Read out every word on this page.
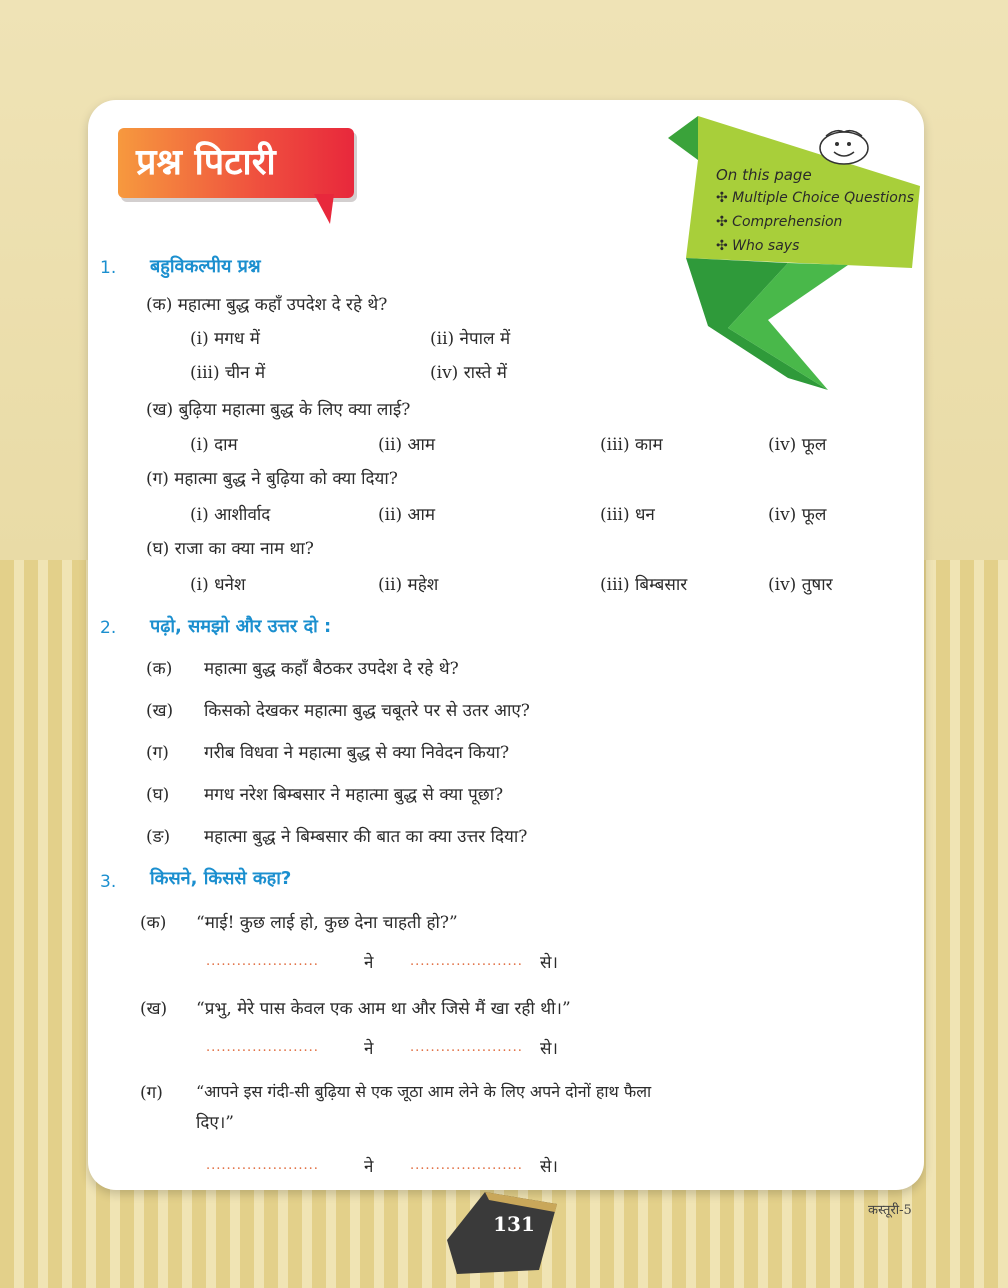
प्रश्न पिटारी	On this page
✣ Multiple Choice Questions
✣ Comprehension
✣ Who says
1. बहुविकल्पीय प्रश्न
(क) महात्मा बुद्ध कहाँ उपदेश दे रहे थे?
(i) मगध में	(ii) नेपाल में
(iii) चीन में	(iv) रास्ते में
(ख) बुढ़िया महात्मा बुद्ध के लिए क्या लाई?
(i) दाम	(ii) आम	(iii) काम	(iv) फूल
(ग) महात्मा बुद्ध ने बुढ़िया को क्या दिया?
(i) आशीर्वाद	(ii) आम	(iii) धन	(iv) फूल
(घ) राजा का क्या नाम था?
(i) धनेश	(ii) महेश	(iii) बिम्बसार	(iv) तुषार
2. पढ़ो, समझो और उत्तर दो :
(क) महात्मा बुद्ध कहाँ बैठकर उपदेश दे रहे थे?
(ख) किसको देखकर महात्मा बुद्ध चबूतरे पर से उतर आए?
(ग) गरीब विधवा ने महात्मा बुद्ध से क्या निवेदन किया?
(घ) मगध नरेश बिम्बसार ने महात्मा बुद्ध से क्या पूछा?
(ङ) महात्मा बुद्ध ने बिम्बसार की बात का क्या उत्तर दिया?
3. किसने, किससे कहा?
(क) “माई! कुछ लाई हो, कुछ देना चाहती हो?”
......................	ने	...................... से।
(ख) “प्रभु, मेरे पास केवल एक आम था और जिसे मैं खा रही थी।”
......................	ने	...................... से।
(ग) “आपने इस गंदी-सी बुढ़िया से एक जूठा आम लेने के लिए अपने दोनों हाथ फैला
दिए।”
......................	ने	...................... से।
131
कस्तूरी-5
